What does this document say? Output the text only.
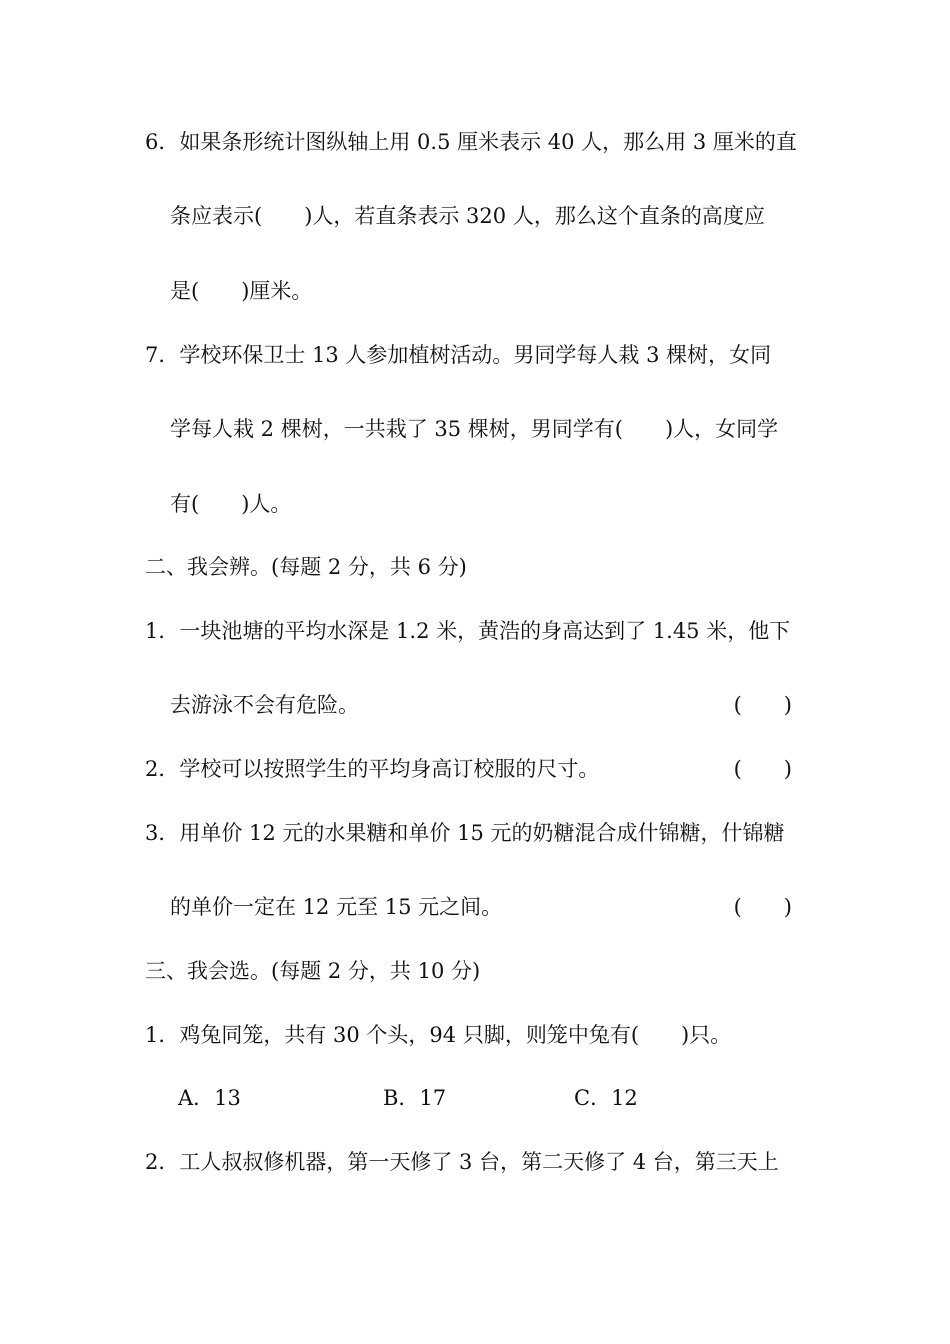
6．如果条形统计图纵轴上用 0.5 厘米表示 40 人，那么用 3 厘米的直
条应表示(　　)人，若直条表示 320 人，那么这个直条的高度应
是(　　)厘米。
7．学校环保卫士 13 人参加植树活动。男同学每人栽 3 棵树，女同
学每人栽 2 棵树，一共栽了 35 棵树，男同学有(　　)人，女同学
有(　　)人。
二、我会辨。(每题 2 分，共 6 分)
1．一块池塘的平均水深是 1.2 米，黄浩的身高达到了 1.45 米，他下
去游泳不会有危险。	(　　)
2．学校可以按照学生的平均身高订校服的尺寸。	(　　)
3．用单价 12 元的水果糖和单价 15 元的奶糖混合成什锦糖，什锦糖
的单价一定在 12 元至 15 元之间。	(　　)
三、我会选。(每题 2 分，共 10 分)
1．鸡兔同笼，共有 30 个头，94 只脚，则笼中兔有(　　)只。
A．13	B．17	C．12
2．工人叔叔修机器，第一天修了 3 台，第二天修了 4 台，第三天上
